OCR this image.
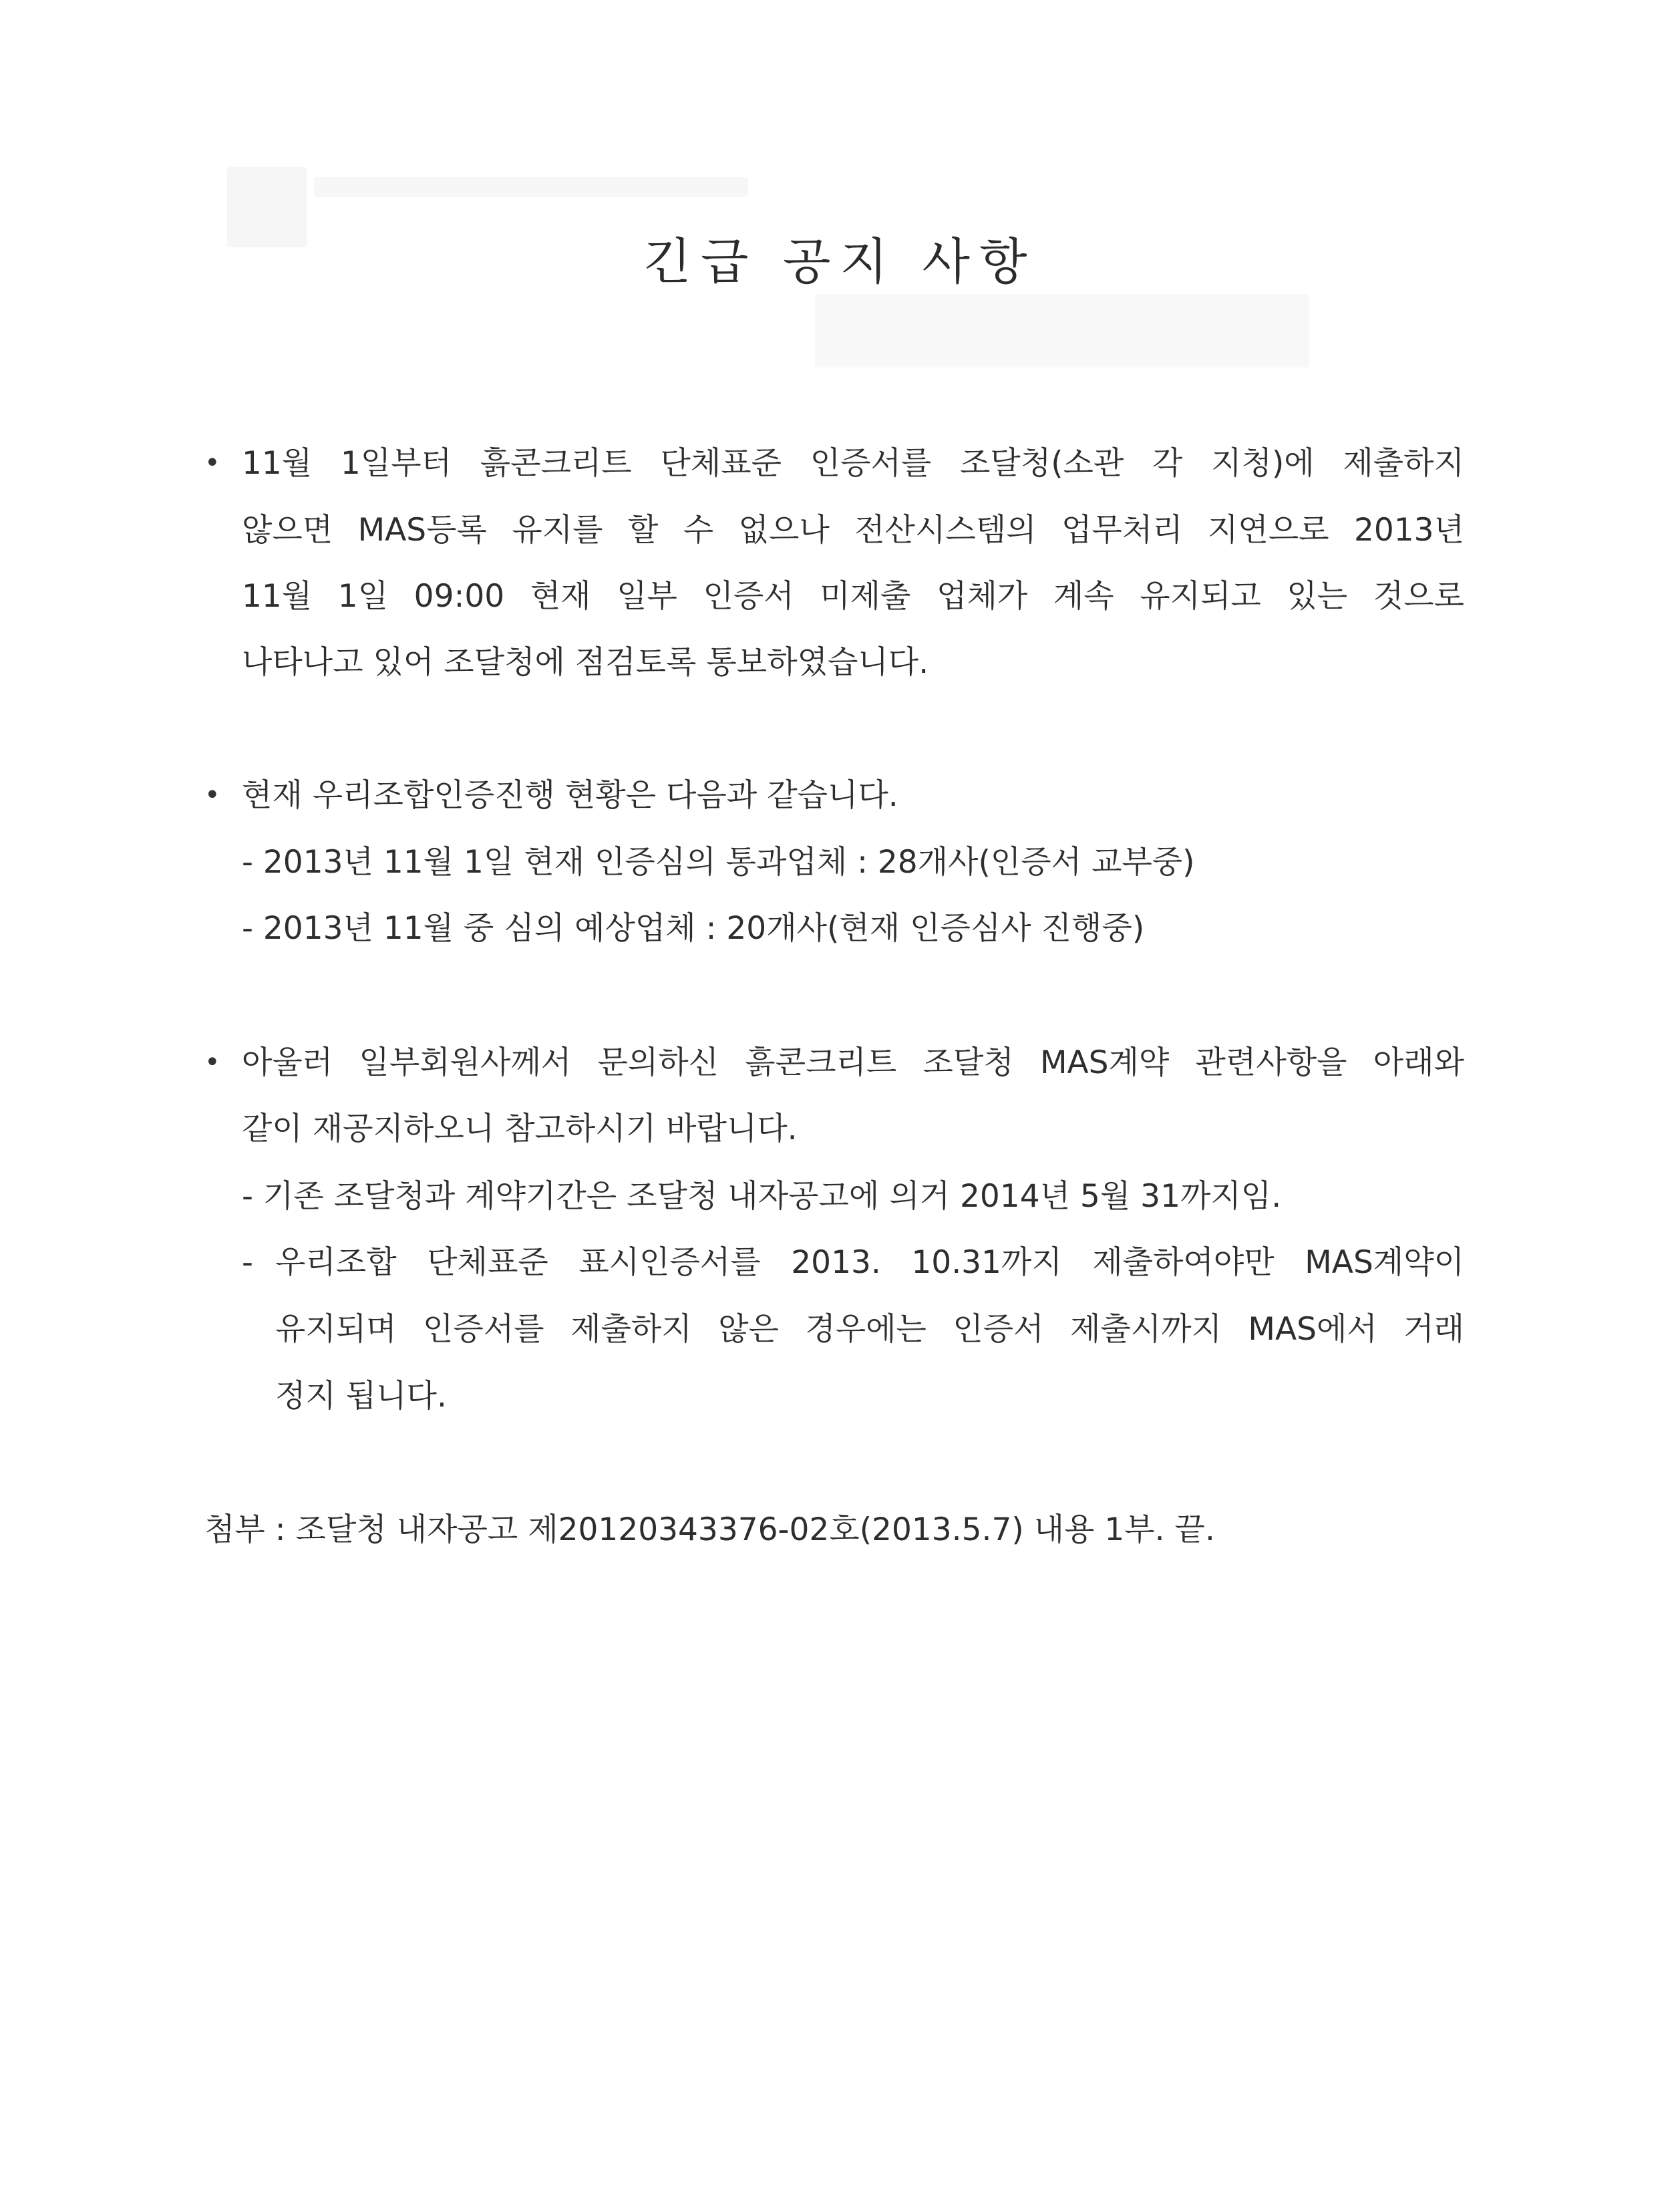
긴급 공지 사항
• 11월 1일부터 흙콘크리트 단체표준 인증서를 조달청(소관 각 지청)에 제출하지
않으면 MAS등록 유지를 할 수 없으나 전산시스템의 업무처리 지연으로 2013년
11월 1일 09:00 현재 일부 인증서 미제출 업체가 계속 유지되고 있는 것으로
나타나고 있어 조달청에 점검토록 통보하였습니다.
• 현재 우리조합인증진행 현황은 다음과 같습니다.
- 2013년 11월 1일 현재 인증심의 통과업체 : 28개사(인증서 교부중)
- 2013년 11월 중 심의 예상업체 : 20개사(현재 인증심사 진행중)
• 아울러 일부회원사께서 문의하신 흙콘크리트 조달청 MAS계약 관련사항을 아래와
같이 재공지하오니 참고하시기 바랍니다.
- 기존 조달청과 계약기간은 조달청 내자공고에 의거 2014년 5월 31까지임.
- 우리조합 단체표준 표시인증서를 2013. 10.31까지 제출하여야만 MAS계약이
유지되며 인증서를 제출하지 않은 경우에는 인증서 제출시까지 MAS에서 거래
정지 됩니다.
첨부 : 조달청 내자공고 제20120343376-02호(2013.5.7) 내용 1부. 끝.
